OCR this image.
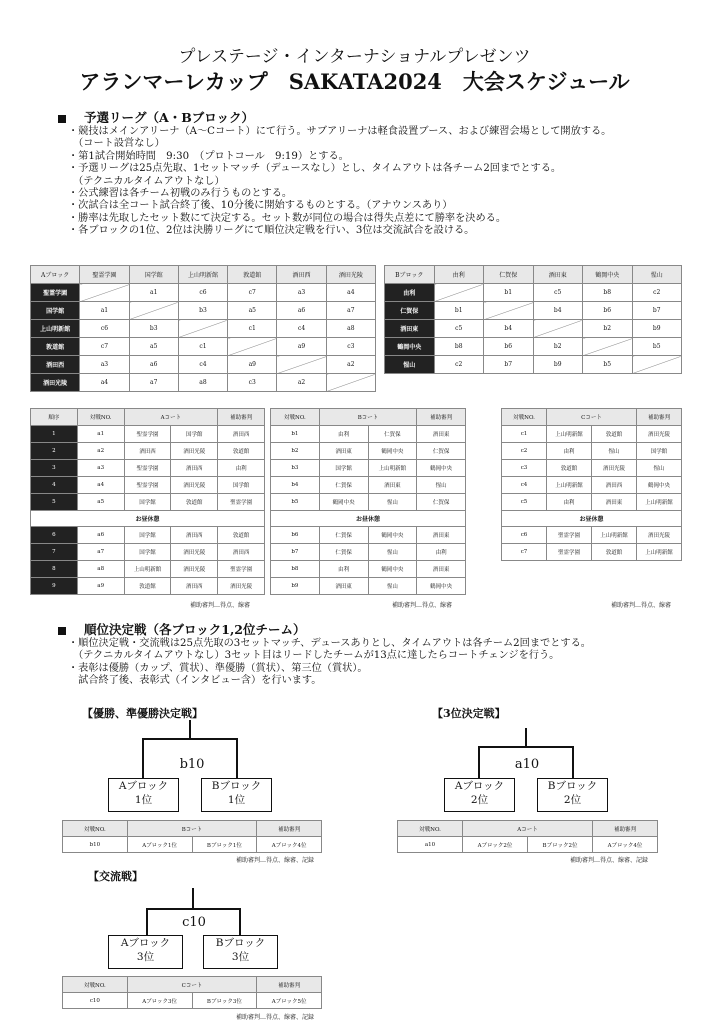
プレステージ・インターナショナルプレゼンツ
アランマーレカップ　SAKATA2024　大会スケジュール
予選リーグ（A・Bブロック）
・競技はメインアリーナ（A～Cコート）にて行う。サブアリーナは軽食設置ブース、および練習会場として開放する。
　（コート設営なし）
・第1試合開始時間　9:30　（プロトコール　9:19）とする。
・予選リーグは25点先取、1セットマッチ（デュースなし）とし、タイムアウトは各チーム2回までとする。
　（テクニカルタイムアウトなし）
・公式練習は各チーム初戦のみ行うものとする。
・次試合は全コート試合終了後、10分後に開始するものとする。（アナウンスあり）
・勝率は先取したセット数にて決定する。セット数が同位の場合は得失点差にて勝率を決める。
・各ブロックの1位、2位は決勝リーグにて順位決定戦を行い、3位は交流試合を設ける。
Aブロック	聖霊学園	国学館	上山明新館	敦道館	酒田西	酒田光陵
聖霊学園		a1	c6	c7	a3	a4
国学館	a1		b3	a5	a6	a7
上山明新館	c6	b3		c1	c4	a8
敦道館	c7	a5	c1		a9	c3
酒田西	a3	a6	c4	a9		a2
酒田光陵	a4	a7	a8	c3	a2	
Bブロック	由利	仁賀保	酒田東	鶴岡中央	惺山
由利		b1	c5	b8	c2
仁賀保	b1		b4	b6	b7
酒田東	c5	b4		b2	b9
鶴岡中央	b8	b6	b2		b5
惺山	c2	b7	b9	b5	
順序	対戦NO.	Aコート		補助審判
1	a1	聖霊学園	国学館	酒田西
2	a2	酒田西	酒田光陵	敦道館
3	a3	聖霊学園	酒田西	由利
4	a4	聖霊学園	酒田光陵	国学館
5	a5	国学館	敦道館	聖霊学園
お昼休憩				
6	a6	国学館	酒田西	敦道館
7	a7	国学館	酒田光陵	酒田西
8	a8	上山明新館	酒田光陵	聖霊学園
9	a9	敦道館	酒田西	酒田光陵
対戦NO.	Bコート		補助審判
b1	由利	仁賀保	酒田東
b2	酒田東	鶴岡中央	仁賀保
b3	国学館	上山明新館	鶴岡中央
b4	仁賀保	酒田東	惺山
b5	鶴岡中央	惺山	仁賀保
お昼休憩			
b6	仁賀保	鶴岡中央	酒田東
b7	仁賀保	惺山	由利
b8	由利	鶴岡中央	酒田東
b9	酒田東	惺山	鶴岡中央
対戦NO.	Cコート		補助審判
c1	上山明新館	敦道館	酒田光陵
c2	由利	惺山	国学館
c3	敦道館	酒田光陵	惺山
c4	上山明新館	酒田西	鶴岡中央
c5	由利	酒田東	上山明新館
お昼休憩			
c6	聖霊学園	上山明新館	酒田光陵
c7	聖霊学園	敦道館	上山明新館
補助審判…得点、線審	補助審判…得点、線審	補助審判…得点、線審
順位決定戦（各ブロック1,2位チーム）
・順位決定戦・交流戦は25点先取の3セットマッチ、デュースありとし、タイムアウトは各チーム2回までとする。
　（テクニカルタイムアウトなし）3セット目はリードしたチームが13点に達したらコートチェンジを行う。
・表彰は優勝（カップ、賞状）、準優勝（賞状）、第三位（賞状）。
　試合終了後、表彰式（インタビュー含）を行います。
【優勝、準優勝決定戦】
b10
Aブロック
1位
Bブロック
1位
対戦NO.	Bコート		補助審判
b10	Aブロック1位	Bブロック1位	Aブロック4位
補助審判…得点、線審、記録
【3位決定戦】
a10
Aブロック
2位
Bブロック
2位
対戦NO.	Aコート		補助審判
a10	Aブロック2位	Bブロック2位	Aブロック4位
補助審判…得点、線審、記録
【交流戦】
c10
Aブロック
3位
Bブロック
3位
対戦NO.	Cコート		補助審判
c10	Aブロック3位	Bブロック3位	Aブロック5位
補助審判…得点、線審、記録
